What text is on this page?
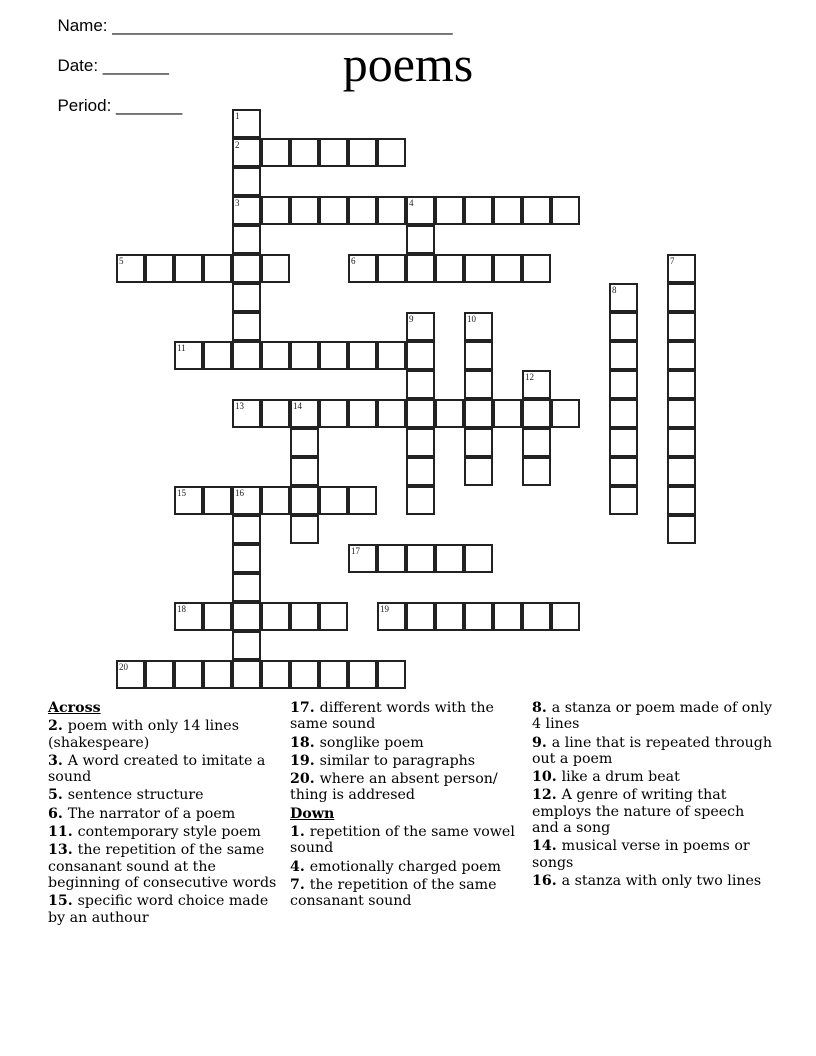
Name: ____________________________________

Date: _______

Period: _______

poems
1
2
3	4
5	6	7
8
9	10
11
12
13	14
15	16
17
18	19
20
Across
2. poem with only 14 lines (shakespeare)
3. A word created to imitate a sound
5. sentence structure
6. The narrator of a poem
11. contemporary style poem
13. the repetition of the same consanant sound at the beginning of consecutive words
15. specific word choice made by an authour
17. different words with the same sound
18. songlike poem
19. similar to paragraphs
20. where an absent person/ thing is addresed
Down
1. repetition of the same vowel sound
4. emotionally charged poem
7. the repetition of the same consanant sound
8. a stanza or poem made of only 4 lines
9. a line that is repeated through out a poem
10. like a drum beat
12. A genre of writing that employs the nature of speech and a song
14. musical verse in poems or songs
16. a stanza with only two lines
